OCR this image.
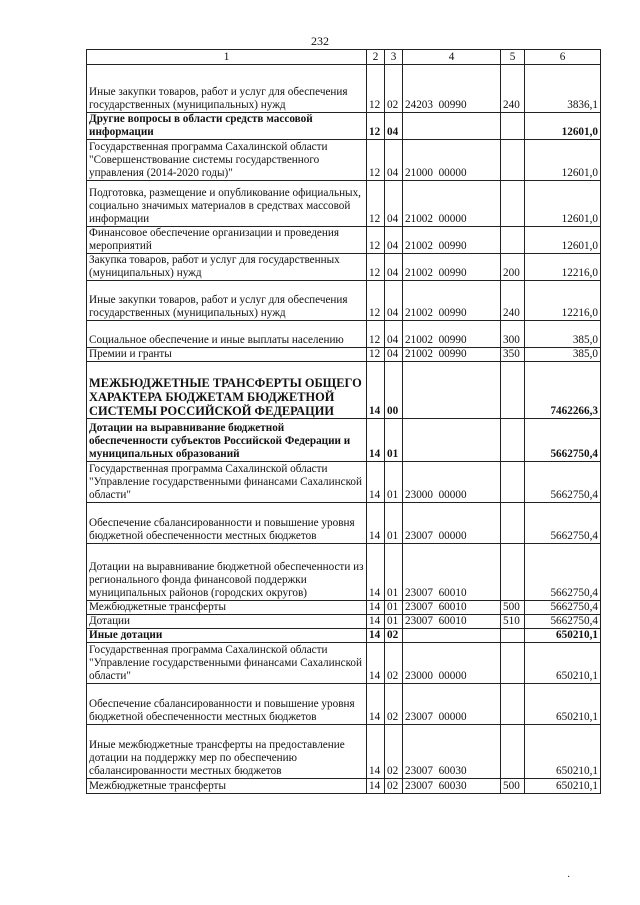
232
1	2	3	4	5	6
Иные закупки товаров, работ и услуг для обеспечения государственных (муниципальных) нужд	12	02	24203  00990	240	3836,1
Другие вопросы в области средств массовой информации	12	04			12601,0
Государственная программа Сахалинской области "Совершенствование системы государственного управления (2014-2020 годы)"	12	04	21000  00000		12601,0
Подготовка, размещение и опубликование официальных, социально значимых материалов в средствах массовой информации	12	04	21002  00000		12601,0
Финансовое обеспечение организации и проведения мероприятий	12	04	21002  00990		12601,0
Закупка товаров, работ и услуг для государственных (муниципальных) нужд	12	04	21002  00990	200	12216,0
Иные закупки товаров, работ и услуг для обеспечения государственных (муниципальных) нужд	12	04	21002  00990	240	12216,0
Социальное обеспечение и иные выплаты населению	12	04	21002  00990	300	385,0
Премии и гранты	12	04	21002  00990	350	385,0
МЕЖБЮДЖЕТНЫЕ ТРАНСФЕРТЫ ОБЩЕГО ХАРАКТЕРА БЮДЖЕТАМ БЮДЖЕТНОЙ СИСТЕМЫ РОССИЙСКОЙ ФЕДЕРАЦИИ	14	00			7462266,3
Дотации на выравнивание бюджетной обеспеченности субъектов Российской Федерации и муниципальных образований	14	01			5662750,4
Государственная программа Сахалинской области "Управление государственными финансами Сахалинской области"	14	01	23000  00000		5662750,4
Обеспечение сбалансированности и повышение уровня бюджетной обеспеченности местных бюджетов	14	01	23007  00000		5662750,4
Дотации на выравнивание бюджетной обеспеченности из регионального фонда финансовой поддержки муниципальных районов (городских округов)	14	01	23007  60010		5662750,4
Межбюджетные трансферты	14	01	23007  60010	500	5662750,4
Дотации	14	01	23007  60010	510	5662750,4
Иные дотации	14	02			650210,1
Государственная программа Сахалинской области "Управление государственными финансами Сахалинской области"	14	02	23000  00000		650210,1
Обеспечение сбалансированности и повышение уровня бюджетной обеспеченности местных бюджетов	14	02	23007  00000		650210,1
Иные межбюджетные трансферты на предоставление дотации на поддержку мер по обеспечению сбалансированности местных бюджетов	14	02	23007  60030		650210,1
Межбюджетные трансферты	14	02	23007  60030	500	650210,1
·
